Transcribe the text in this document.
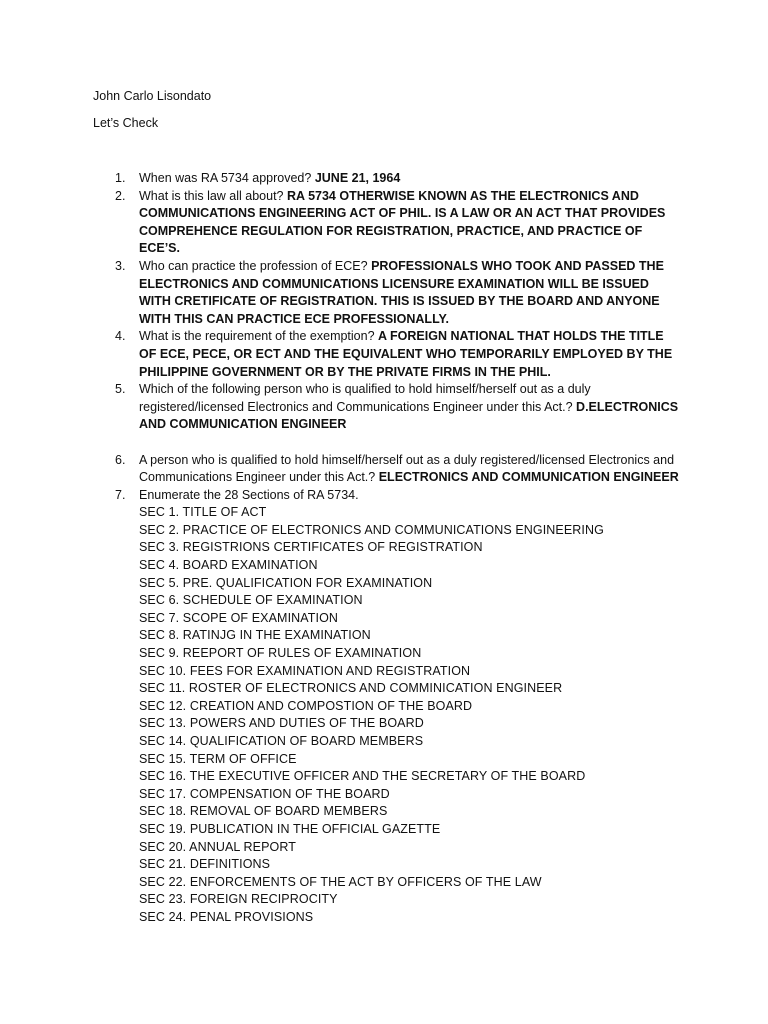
John Carlo Lisondato
Let’s Check
1. When was RA 5734 approved? JUNE 21, 1964
2. What is this law all about? RA 5734 OTHERWISE KNOWN AS THE ELECTRONICS AND COMMUNICATIONS ENGINEERING ACT OF PHIL. IS A LAW OR AN ACT THAT PROVIDES COMPREHENCE REGULATION FOR REGISTRATION, PRACTICE, AND PRACTICE OF ECE’S.
3. Who can practice the profession of ECE? PROFESSIONALS WHO TOOK AND PASSED THE ELECTRONICS AND COMMUNICATIONS LICENSURE EXAMINATION WILL BE ISSUED WITH CRETIFICATE OF REGISTRATION. THIS IS ISSUED BY THE BOARD AND ANYONE WITH THIS CAN PRACTICE ECE PROFESSIONALLY.
4. What is the requirement of the exemption? A FOREIGN NATIONAL THAT HOLDS THE TITLE OF ECE, PECE, OR ECT AND THE EQUIVALENT WHO TEMPORARILY EMPLOYED BY THE PHILIPPINE GOVERNMENT OR BY THE PRIVATE FIRMS IN THE PHIL.
5. Which of the following person who is qualified to hold himself/herself out as a duly registered/licensed Electronics and Communications Engineer under this Act.? D.ELECTRONICS AND COMMUNICATION ENGINEER
6. A person who is qualified to hold himself/herself out as a duly registered/licensed Electronics and Communications Engineer under this Act.? ELECTRONICS AND COMMUNICATION ENGINEER
7. Enumerate the 28 Sections of RA 5734.
SEC 1. TITLE OF ACT
SEC 2. PRACTICE OF ELECTRONICS AND COMMUNICATIONS ENGINEERING
SEC 3. REGISTRIONS CERTIFICATES OF REGISTRATION
SEC 4. BOARD EXAMINATION
SEC 5. PRE. QUALIFICATION FOR EXAMINATION
SEC 6. SCHEDULE OF EXAMINATION
SEC 7. SCOPE OF EXAMINATION
SEC 8. RATINJG IN THE EXAMINATION
SEC 9. REEPORT OF RULES OF EXAMINATION
SEC 10. FEES FOR EXAMINATION AND REGISTRATION
SEC 11. ROSTER OF ELECTRONICS AND COMMINICATION ENGINEER
SEC 12. CREATION AND COMPOSTION OF THE BOARD
SEC 13. POWERS AND DUTIES OF THE BOARD
SEC 14. QUALIFICATION OF BOARD MEMBERS
SEC 15. TERM OF OFFICE
SEC 16. THE EXECUTIVE OFFICER AND THE SECRETARY OF THE BOARD
SEC 17. COMPENSATION OF THE BOARD
SEC 18. REMOVAL OF BOARD MEMBERS
SEC 19. PUBLICATION IN THE OFFICIAL GAZETTE
SEC 20. ANNUAL REPORT
SEC 21. DEFINITIONS
SEC 22. ENFORCEMENTS OF THE ACT BY OFFICERS OF THE LAW
SEC 23. FOREIGN RECIPROCITY
SEC 24. PENAL PROVISIONS
